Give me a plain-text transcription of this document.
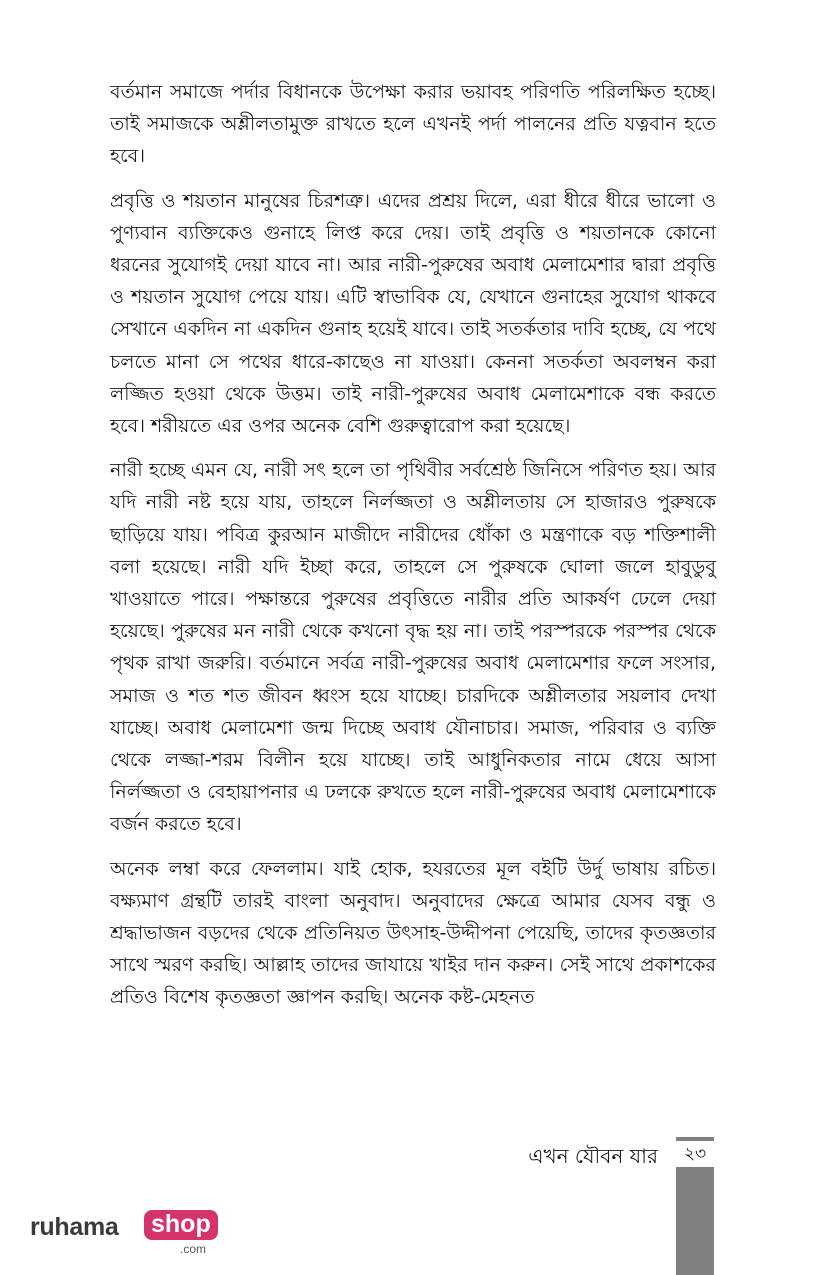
বর্তমান সমাজে পর্দার বিধানকে উপেক্ষা করার ভয়াবহ পরিণতি পরিলক্ষিত হচ্ছে। তাই সমাজকে অশ্লীলতামুক্ত রাখতে হলে এখনই পর্দা পালনের প্রতি যত্নবান হতে হবে।

প্রবৃত্তি ও শয়তান মানুষের চিরশত্রু। এদের প্রশ্রয় দিলে, এরা ধীরে ধীরে ভালো ও পুণ্যবান ব্যক্তিকেও গুনাহে লিপ্ত করে দেয়। তাই প্রবৃত্তি ও শয়তানকে কোনো ধরনের সুযোগই দেয়া যাবে না। আর নারী-পুরুষের অবাধ মেলামেশার দ্বারা প্রবৃত্তি ও শয়তান সুযোগ পেয়ে যায়। এটি স্বাভাবিক যে, যেখানে গুনাহের সুযোগ থাকবে সেখানে একদিন না একদিন গুনাহ হয়েই যাবে। তাই সতর্কতার দাবি হচ্ছে, যে পথে চলতে মানা সে পথের ধারে-কাছেও না যাওয়া। কেননা সতর্কতা অবলম্বন করা লজ্জিত হওয়া থেকে উত্তম। তাই নারী-পুরুষের অবাধ মেলামেশাকে বন্ধ করতে হবে। শরীয়তে এর ওপর অনেক বেশি গুরুত্বারোপ করা হয়েছে।

নারী হচ্ছে এমন যে, নারী সৎ হলে তা পৃথিবীর সর্বশ্রেষ্ঠ জিনিসে পরিণত হয়। আর যদি নারী নষ্ট হয়ে যায়, তাহলে নির্লজ্জতা ও অশ্লীলতায় সে হাজারও পুরুষকে ছাড়িয়ে যায়। পবিত্র কুরআন মাজীদে নারীদের ধোঁকা ও মন্ত্রণাকে বড় শক্তিশালী বলা হয়েছে। নারী যদি ইচ্ছা করে, তাহলে সে পুরুষকে ঘোলা জলে হাবুডুবু খাওয়াতে পারে। পক্ষান্তরে পুরুষের প্রবৃত্তিতে নারীর প্রতি আকর্ষণ ঢেলে দেয়া হয়েছে। পুরুষের মন নারী থেকে কখনো বৃদ্ধ হয় না। তাই পরস্পরকে পরস্পর থেকে পৃথক রাখা জরুরি। বর্তমানে সর্বত্র নারী-পুরুষের অবাধ মেলামেশার ফলে সংসার, সমাজ ও শত শত জীবন ধ্বংস হয়ে যাচ্ছে। চারদিকে অশ্লীলতার সয়লাব দেখা যাচ্ছে। অবাধ মেলামেশা জন্ম দিচ্ছে অবাধ যৌনাচার। সমাজ, পরিবার ও ব্যক্তি থেকে লজ্জা-শরম বিলীন হয়ে যাচ্ছে। তাই আধুনিকতার নামে ধেয়ে আসা নির্লজ্জতা ও বেহায়াপনার এ ঢলকে রুখতে হলে নারী-পুরুষের অবাধ মেলামেশাকে বর্জন করতে হবে।

অনেক লম্বা করে ফেললাম। যাই হোক, হযরতের মূল বইটি উর্দু ভাষায় রচিত। বক্ষ্যমাণ গ্রন্থটি তারই বাংলা অনুবাদ। অনুবাদের ক্ষেত্রে আমার যেসব বন্ধু ও শ্রদ্ধাভাজন বড়দের থেকে প্রতিনিয়ত উৎসাহ-উদ্দীপনা পেয়েছি, তাদের কৃতজ্ঞতার সাথে স্মরণ করছি। আল্লাহ তাদের জাযায়ে খাইর দান করুন। সেই সাথে প্রকাশকের প্রতিও বিশেষ কৃতজ্ঞতা জ্ঞাপন করছি। অনেক কষ্ট-মেহনত

এখন যৌবন যার	২৩
ruhama shop
.com
